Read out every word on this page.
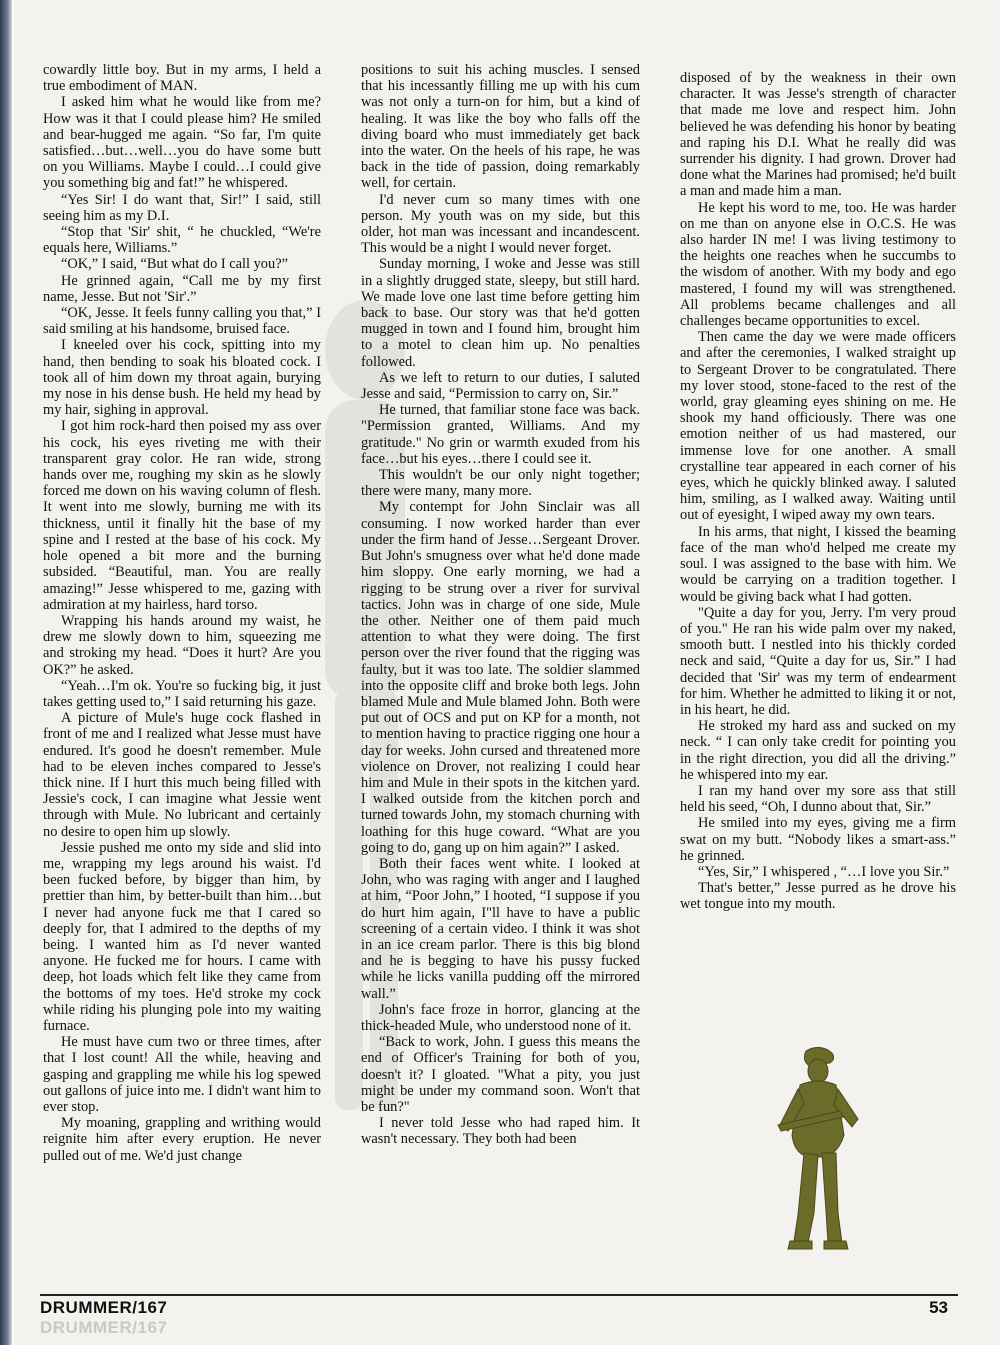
cowardly little boy. But in my arms, I held a true embodiment of MAN.

I asked him what he would like from me? How was it that I could please him? He smiled and bear-hugged me again. “So far, I'm quite satisfied…but…well…you do have some butt on you Williams. Maybe I could…I could give you something big and fat!” he whispered.

“Yes Sir! I do want that, Sir!” I said, still seeing him as my D.I.

“Stop that 'Sir' shit, “ he chuckled, “We're equals here, Williams.”

“OK,” I said, “But what do I call you?”

He grinned again, “Call me by my first name, Jesse. But not 'Sir'.”

“OK, Jesse. It feels funny calling you that,” I said smiling at his handsome, bruised face.

I kneeled over his cock, spitting into my hand, then bending to soak his bloated cock. I took all of him down my throat again, burying my nose in his dense bush. He held my head by my hair, sighing in approval.

I got him rock-hard then poised my ass over his cock, his eyes riveting me with their transparent gray color. He ran wide, strong hands over me, roughing my skin as he slowly forced me down on his waving column of flesh. It went into me slowly, burning me with its thickness, until it finally hit the base of my spine and I rested at the base of his cock. My hole opened a bit more and the burning subsided. “Beautiful, man. You are really amazing!” Jesse whispered to me, gazing with admiration at my hairless, hard torso.

Wrapping his hands around my waist, he drew me slowly down to him, squeezing me and stroking my head. “Does it hurt? Are you OK?” he asked.

“Yeah…I'm ok. You're so fucking big, it just takes getting used to,” I said returning his gaze.

A picture of Mule's huge cock flashed in front of me and I realized what Jesse must have endured. It's good he doesn't remember. Mule had to be eleven inches compared to Jesse's thick nine. If I hurt this much being filled with Jessie's cock, I can imagine what Jessie went through with Mule. No lubricant and certainly no desire to open him up slowly.

Jessie pushed me onto my side and slid into me, wrapping my legs around his waist. I'd been fucked before, by bigger than him, by prettier than him, by better-built than him…but I never had anyone fuck me that I cared so deeply for, that I admired to the depths of my being. I wanted him as I'd never wanted anyone. He fucked me for hours. I came with deep, hot loads which felt like they came from the bottoms of my toes. He'd stroke my cock while riding his plunging pole into my waiting furnace.

He must have cum two or three times, after that I lost count! All the while, heaving and gasping and grappling me while his log spewed out gallons of juice into me. I didn't want him to ever stop.

My moaning, grappling and writhing would reignite him after every eruption. He never pulled out of me. We'd just change

positions to suit his aching muscles. I sensed that his incessantly filling me up with his cum was not only a turn-on for him, but a kind of healing. It was like the boy who falls off the diving board who must immediately get back into the water. On the heels of his rape, he was back in the tide of passion, doing remarkably well, for certain.

I'd never cum so many times with one person. My youth was on my side, but this older, hot man was incessant and incandescent. This would be a night I would never forget.

Sunday morning, I woke and Jesse was still in a slightly drugged state, sleepy, but still hard. We made love one last time before getting him back to base. Our story was that he'd gotten mugged in town and I found him, brought him to a motel to clean him up. No penalties followed.

As we left to return to our duties, I saluted Jesse and said, “Permission to carry on, Sir.”

He turned, that familiar stone face was back. "Permission granted, Williams. And my gratitude." No grin or warmth exuded from his face…but his eyes…there I could see it.

This wouldn't be our only night together; there were many, many more.

My contempt for John Sinclair was all consuming. I now worked harder than ever under the firm hand of Jesse…Sergeant Drover. But John's smugness over what he'd done made him sloppy. One early morning, we had a rigging to be strung over a river for survival tactics. John was in charge of one side, Mule the other. Neither one of them paid much attention to what they were doing. The first person over the river found that the rigging was faulty, but it was too late. The soldier slammed into the opposite cliff and broke both legs. John blamed Mule and Mule blamed John. Both were put out of OCS and put on KP for a month, not to mention having to practice rigging one hour a day for weeks. John cursed and threatened more violence on Drover, not realizing I could hear him and Mule in their spots in the kitchen yard. I walked outside from the kitchen porch and turned towards John, my stomach churning with loathing for this huge coward. “What are you going to do, gang up on him again?” I asked.

Both their faces went white. I looked at John, who was raging with anger and I laughed at him, “Poor John,” I hooted, “I suppose if you do hurt him again, I"ll have to have a public screening of a certain video. I think it was shot in an ice cream parlor. There is this big blond and he is begging to have his pussy fucked while he licks vanilla pudding off the mirrored wall.”

John's face froze in horror, glancing at the thick-headed Mule, who understood none of it.

“Back to work, John. I guess this means the end of Officer's Training for both of you, doesn't it? I gloated. "What a pity, you just might be under my command soon. Won't that be fun?"

I never told Jesse who had raped him. It wasn't necessary. They both had been

disposed of by the weakness in their own character. It was Jesse's strength of character that made me love and respect him. John believed he was defending his honor by beating and raping his D.I. What he really did was surrender his dignity. I had grown. Drover had done what the Marines had promised; he'd built a man and made him a man.

He kept his word to me, too. He was harder on me than on anyone else in O.C.S. He was also harder IN me! I was living testimony to the heights one reaches when he succumbs to the wisdom of another. With my body and ego mastered, I found my will was strengthened. All problems became challenges and all challenges became opportunities to excel.

Then came the day we were made officers and after the ceremonies, I walked straight up to Sergeant Drover to be congratulated. There my lover stood, stone-faced to the rest of the world, gray gleaming eyes shining on me. He shook my hand officiously. There was one emotion neither of us had mastered, our immense love for one another. A small crystalline tear appeared in each corner of his eyes, which he quickly blinked away. I saluted him, smiling, as I walked away. Waiting until out of eyesight, I wiped away my own tears.

In his arms, that night, I kissed the beaming face of the man who'd helped me create my soul. I was assigned to the base with him. We would be carrying on a tradition together. I would be giving back what I had gotten.

"Quite a day for you, Jerry. I'm very proud of you." He ran his wide palm over my naked, smooth butt. I nestled into his thickly corded neck and said, “Quite a day for us, Sir.” I had decided that 'Sir' was my term of endearment for him. Whether he admitted to liking it or not, in his heart, he did.

He stroked my hard ass and sucked on my neck. “ I can only take credit for pointing you in the right direction, you did all the driving.” he whispered into my ear.

I ran my hand over my sore ass that still held his seed, “Oh, I dunno about that, Sir.”

He smiled into my eyes, giving me a firm swat on my butt. “Nobody likes a smart-ass.” he grinned.

“Yes, Sir,” I whispered , “…I love you Sir.”

That's better,” Jesse purred as he drove his wet tongue into my mouth.

DRUMMER/167
DRUMMER/167
53
